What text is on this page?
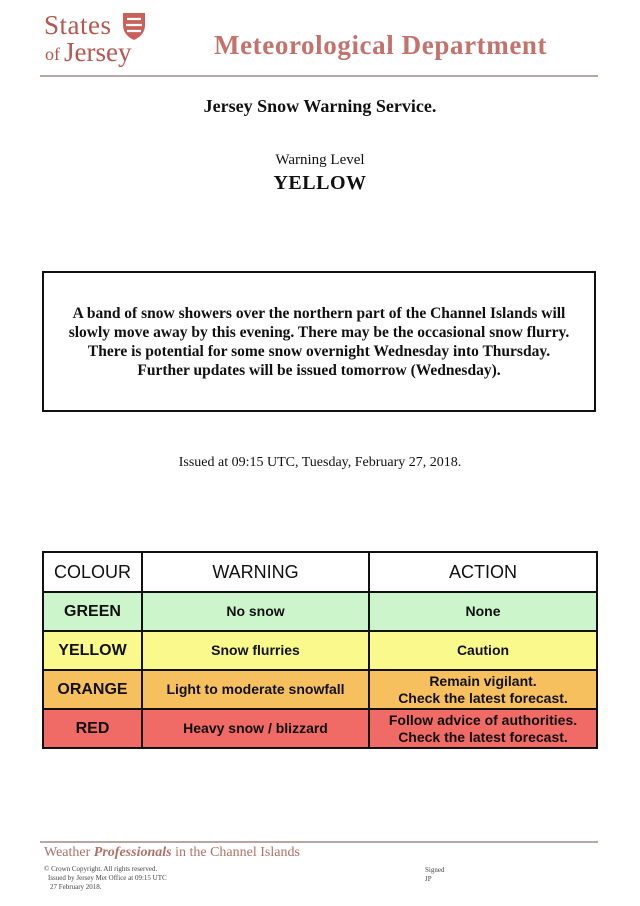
States
of Jersey	Meteorological Department
Jersey Snow Warning Service.
Warning Level
YELLOW
A band of snow showers over the northern part of the Channel Islands will slowly move away by this evening. There may be the occasional snow flurry.
There is potential for some snow overnight Wednesday into Thursday.
Further updates will be issued tomorrow (Wednesday).
Issued at 09:15 UTC, Tuesday, February 27, 2018.
COLOUR	WARNING	ACTION
GREEN	No snow	None

YELLOW	Snow flurries	Caution

ORANGE	Light to moderate snowfall	Remain vigilant.
Check the latest forecast.

RED	Heavy snow / blizzard	Follow advice of authorities.
Check the latest forecast.
Weather Professionals in the Channel Islands
© Crown Copyright. All rights reserved.
Issued by Jersey Met Office at 09:15 UTC
27 February 2018.
Signed
JP
